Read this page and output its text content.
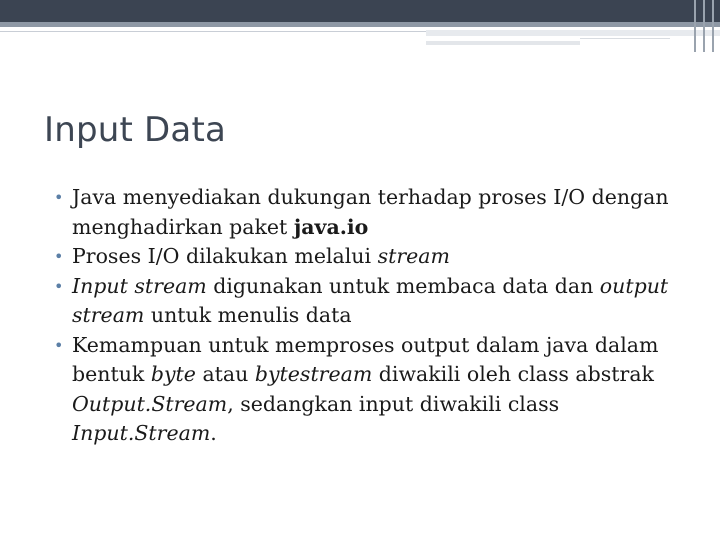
Input Data
• Java menyediakan dukungan terhadap proses I/O dengan menghadirkan paket java.io
• Proses I/O dilakukan melalui stream
• Input stream digunakan untuk membaca data dan output stream untuk menulis data
• Kemampuan untuk memproses output dalam java dalam bentuk byte atau bytestream diwakili oleh class abstrak Output.Stream, sedangkan input diwakili class Input.Stream.
